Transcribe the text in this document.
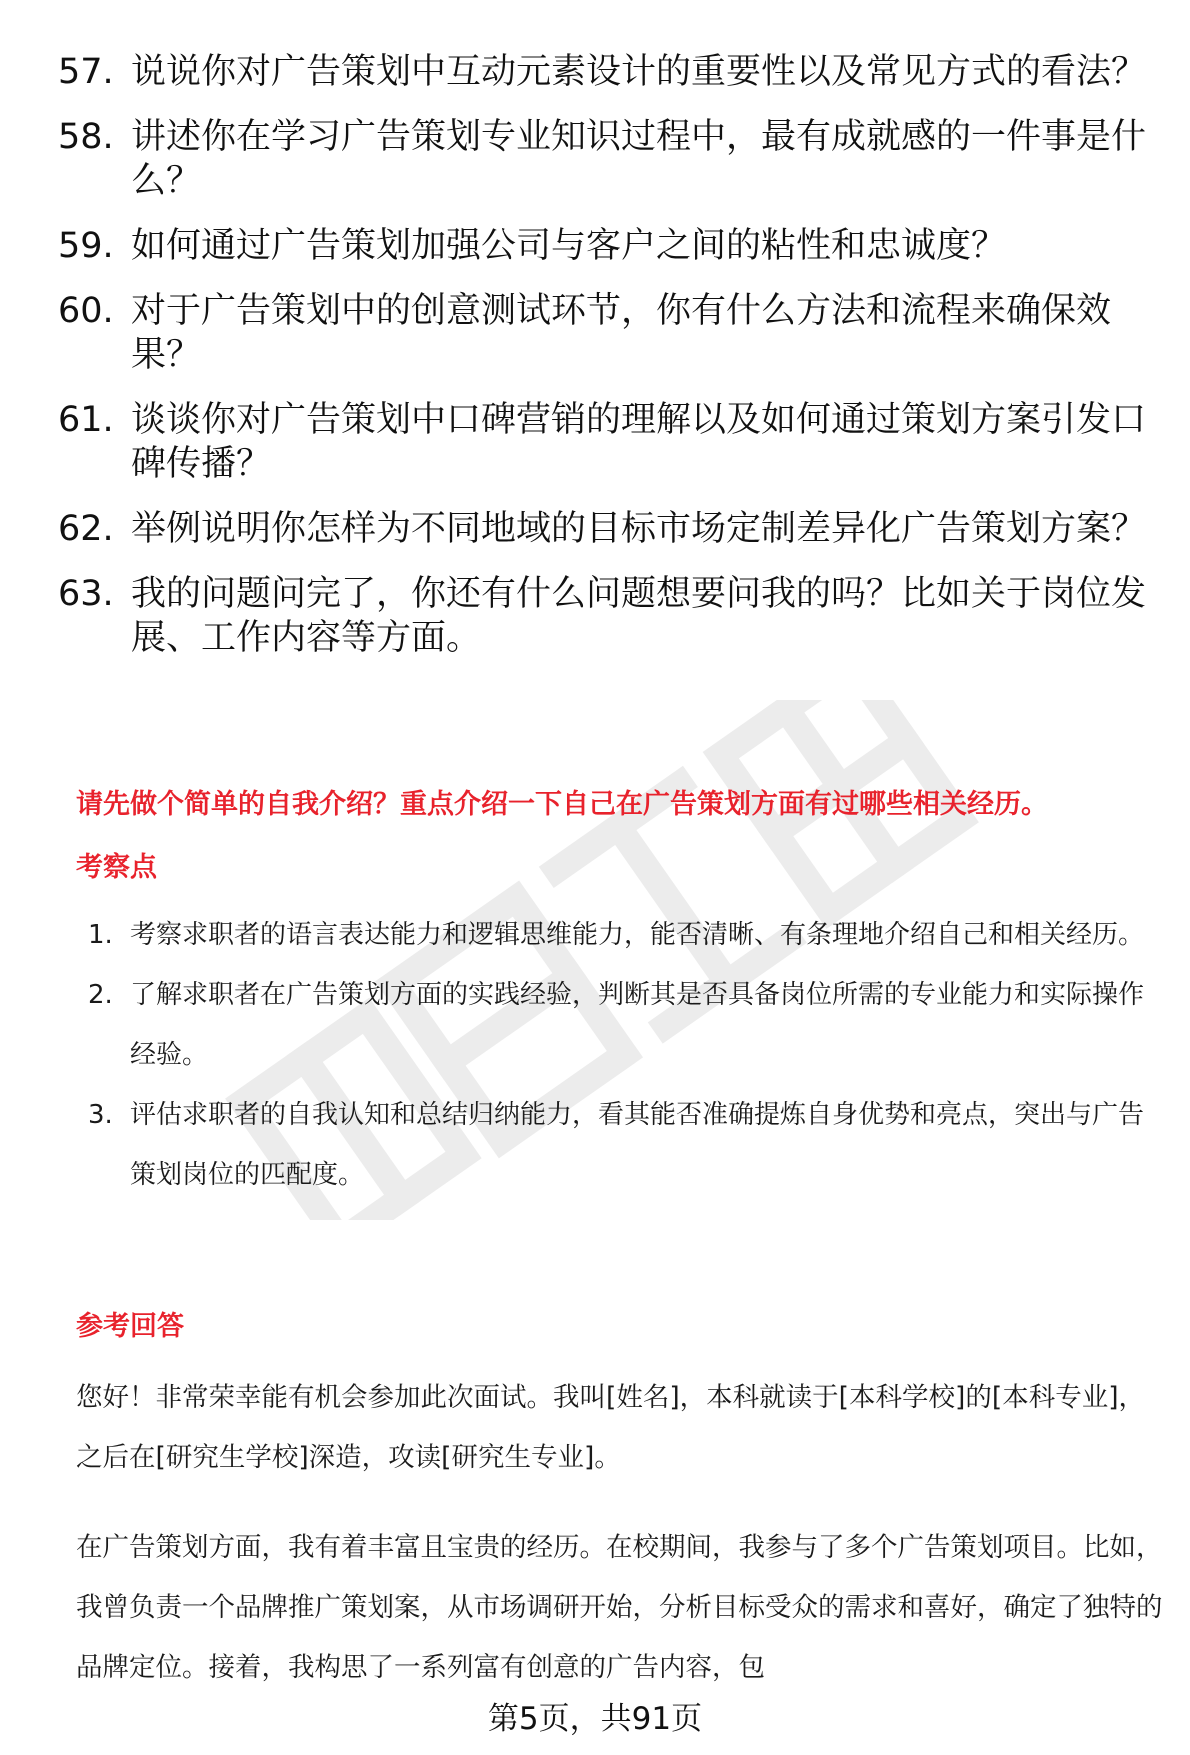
57. 说说你对广告策划中互动元素设计的重要性以及常见方式的看法？
58. 讲述你在学习广告策划专业知识过程中，最有成就感的一件事是什么？
59. 如何通过广告策划加强公司与客户之间的粘性和忠诚度？
60. 对于广告策划中的创意测试环节，你有什么方法和流程来确保效果？
61. 谈谈你对广告策划中口碑营销的理解以及如何通过策划方案引发口碑传播？
62. 举例说明你怎样为不同地域的目标市场定制差异化广告策划方案？
63. 我的问题问完了，你还有什么问题想要问我的吗？比如关于岗位发展、工作内容等方面。
请先做个简单的自我介绍？重点介绍一下自己在广告策划方面有过哪些相关经历。
考察点
1. 考察求职者的语言表达能力和逻辑思维能力，能否清晰、有条理地介绍自己和相关经历。
2. 了解求职者在广告策划方面的实践经验，判断其是否具备岗位所需的专业能力和实际操作经验。
3. 评估求职者的自我认知和总结归纳能力，看其能否准确提炼自身优势和亮点，突出与广告策划岗位的匹配度。
参考回答

您好！非常荣幸能有机会参加此次面试。我叫[姓名]，本科就读于[本科学校]的[本科专业]，之后在[研究生学校]深造，攻读[研究生专业]。

在广告策划方面，我有着丰富且宝贵的经历。在校期间，我参与了多个广告策划项目。比如，我曾负责一个品牌推广策划案，从市场调研开始，分析目标受众的需求和喜好，确定了独特的品牌定位。接着，我构思了一系列富有创意的广告内容，包

第5页，共91页
